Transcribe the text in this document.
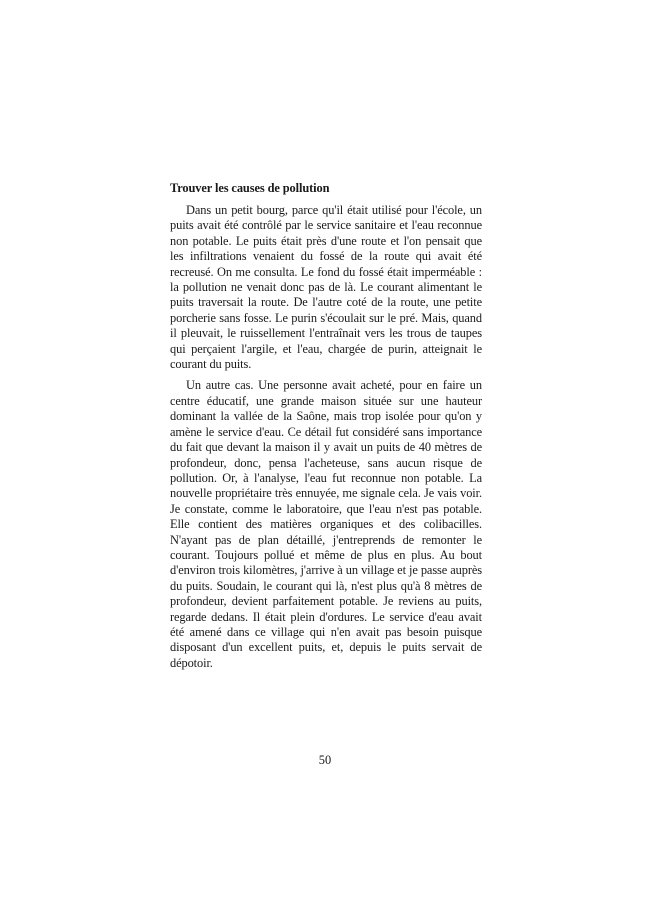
Trouver les causes de pollution

Dans un petit bourg, parce qu'il était utilisé pour l'école, un puits avait été contrôlé par le service sanitaire et l'eau reconnue non potable. Le puits était près d'une route et l'on pensait que les infiltrations venaient du fossé de la route qui avait été recreusé. On me consulta. Le fond du fossé était imperméable : la pollution ne venait donc pas de là. Le courant alimentant le puits traversait la route. De l'autre coté de la route, une petite porcherie sans fosse. Le purin s'écoulait sur le pré. Mais, quand il pleuvait, le ruissellement l'entraînait vers les trous de taupes qui perçaient l'argile, et l'eau, chargée de purin, atteignait le courant du puits.

Un autre cas. Une personne avait acheté, pour en faire un centre éducatif, une grande maison située sur une hauteur dominant la vallée de la Saône, mais trop isolée pour qu'on y amène le service d'eau. Ce détail fut considéré sans importance du fait que devant la maison il y avait un puits de 40 mètres de profondeur, donc, pensa l'acheteuse, sans aucun risque de pollution. Or, à l'analyse, l'eau fut reconnue non potable. La nouvelle propriétaire très ennuyée, me signale cela. Je vais voir. Je constate, comme le laboratoire, que l'eau n'est pas potable. Elle contient des matières organiques et des colibacilles. N'ayant pas de plan détaillé, j'entreprends de remonter le courant. Toujours pollué et même de plus en plus. Au bout d'environ trois kilomètres, j'arrive à un village et je passe auprès du puits. Soudain, le courant qui là, n'est plus qu'à 8 mètres de profondeur, devient parfaitement potable. Je reviens au puits, regarde dedans. Il était plein d'ordures. Le service d'eau avait été amené dans ce village qui n'en avait pas besoin puisque disposant d'un excellent puits, et, depuis le puits servait de dépotoir.

50
